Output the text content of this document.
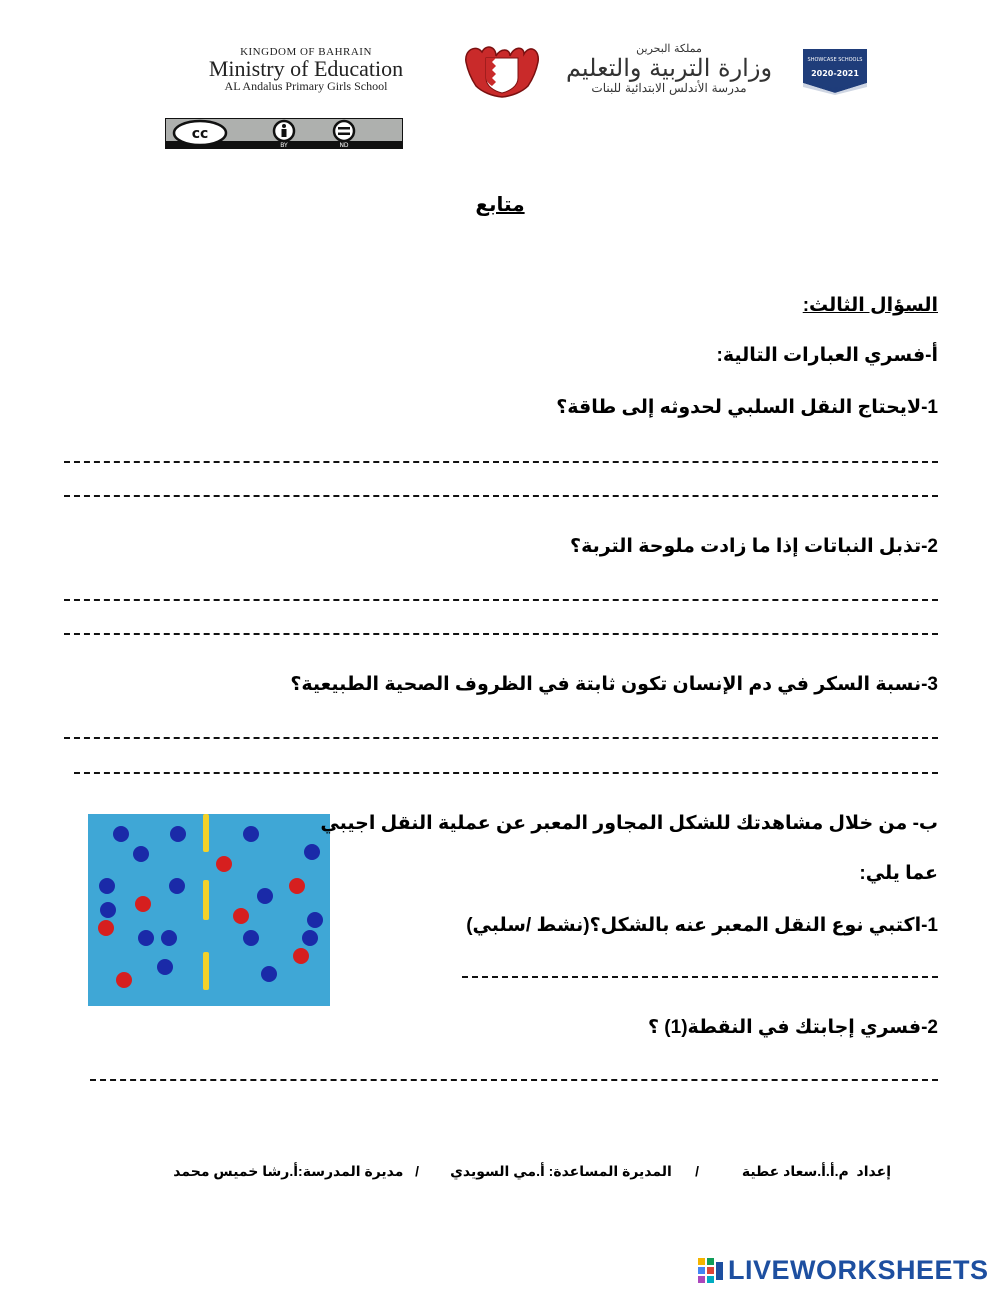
KINGDOM OF BAHRAIN
Ministry of Education
AL Andalus Primary Girls School
مملكة البحرين
وزارة التربية والتعليم
مدرسة الأندلس الابتدائية للبنات
SHOWCASE SCHOOLS
2020-2021
Microsoft
cc
BY	ND
متابع
السؤال الثالث:
أ-فسري العبارات التالية:
1-لايحتاج النقل السلبي لحدوثه إلى طاقة؟
2-تذبل النباتات إذا ما زادت ملوحة التربة؟
3-نسبة السكر في دم الإنسان تكون ثابتة في الظروف الصحية الطبيعية؟
ب- من خلال مشاهدتك للشكل المجاور المعبر عن عملية النقل اجيبي
عما يلي:
1-اكتبي نوع النقل المعبر عنه بالشكل؟(نشط /سلبي)
2-فسري إجابتك في النقطة(1) ؟
إعداد  م.أ.أ.سعاد عطية           /      المديرة المساعدة: أ.مي السويدي        /   مديرة المدرسة:أ.رشا خميس محمد
LIVEWORKSHEETS
